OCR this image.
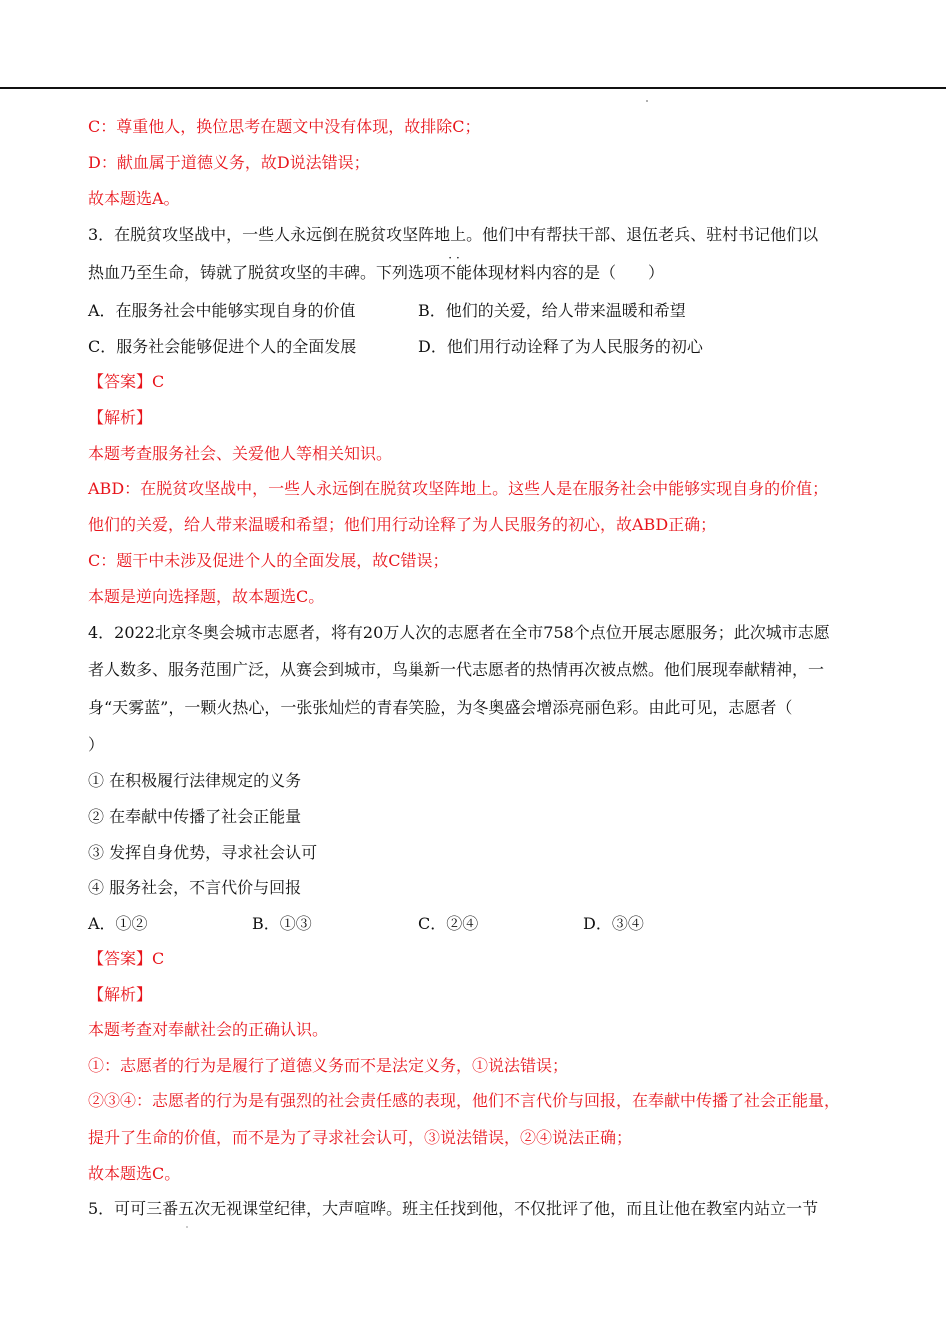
C：尊重他人，换位思考在题文中没有体现，故排除C；
D：献血属于道德义务，故D说法错误；
故本题选A。
3．在脱贫攻坚战中，一些人永远倒在脱贫攻坚阵地上。他们中有帮扶干部、退伍老兵、驻村书记他们以
热血乃至生命，铸就了脱贫攻坚的丰碑。下列选项
··
不能体现材料内容的是（　　）
A．在服务社会中能够实现自身的价值	B．他们的关爱，给人带来温暖和希望
C．服务社会能够促进个人的全面发展	D．他们用行动诠释了为人民服务的初心
【答案】C
【解析】
本题考查服务社会、关爱他人等相关知识。
ABD：在脱贫攻坚战中，一些人永远倒在脱贫攻坚阵地上。这些人是在服务社会中能够实现自身的价值；
他们的关爱，给人带来温暖和希望；他们用行动诠释了为人民服务的初心，故ABD正确；
C：题干中未涉及促进个人的全面发展，故C错误；
本题是逆向选择题，故本题选C。
4．2022北京冬奥会城市志愿者，将有20万人次的志愿者在全市758个点位开展志愿服务；此次城市志愿
者人数多、服务范围广泛，从赛会到城市，鸟巢新一代志愿者的热情再次被点燃。他们展现奉献精神，一
身“天雾蓝”，一颗火热心，一张张灿烂的青春笑脸，为冬奥盛会增添亮丽色彩。由此可见，志愿者（
）
① 在积极履行法律规定的义务
② 在奉献中传播了社会正能量
③ 发挥自身优势，寻求社会认可
④ 服务社会，不言代价与回报
A．①②	B．①③	C．②④	D．③④
【答案】C
【解析】
本题考查对奉献社会的正确认识。
①：志愿者的行为是履行了道德义务而不是法定义务，①说法错误；
②③④：志愿者的行为是有强烈的社会责任感的表现，他们不言代价与回报，在奉献中传播了社会正能量，
提升了生命的价值，而不是为了寻求社会认可，③说法错误，②④说法正确；
故本题选C。
5．可可三番五次无视课堂纪律，大声喧哗。班主任找到他，不仅批评了他，而且让他在教室内站立一节
